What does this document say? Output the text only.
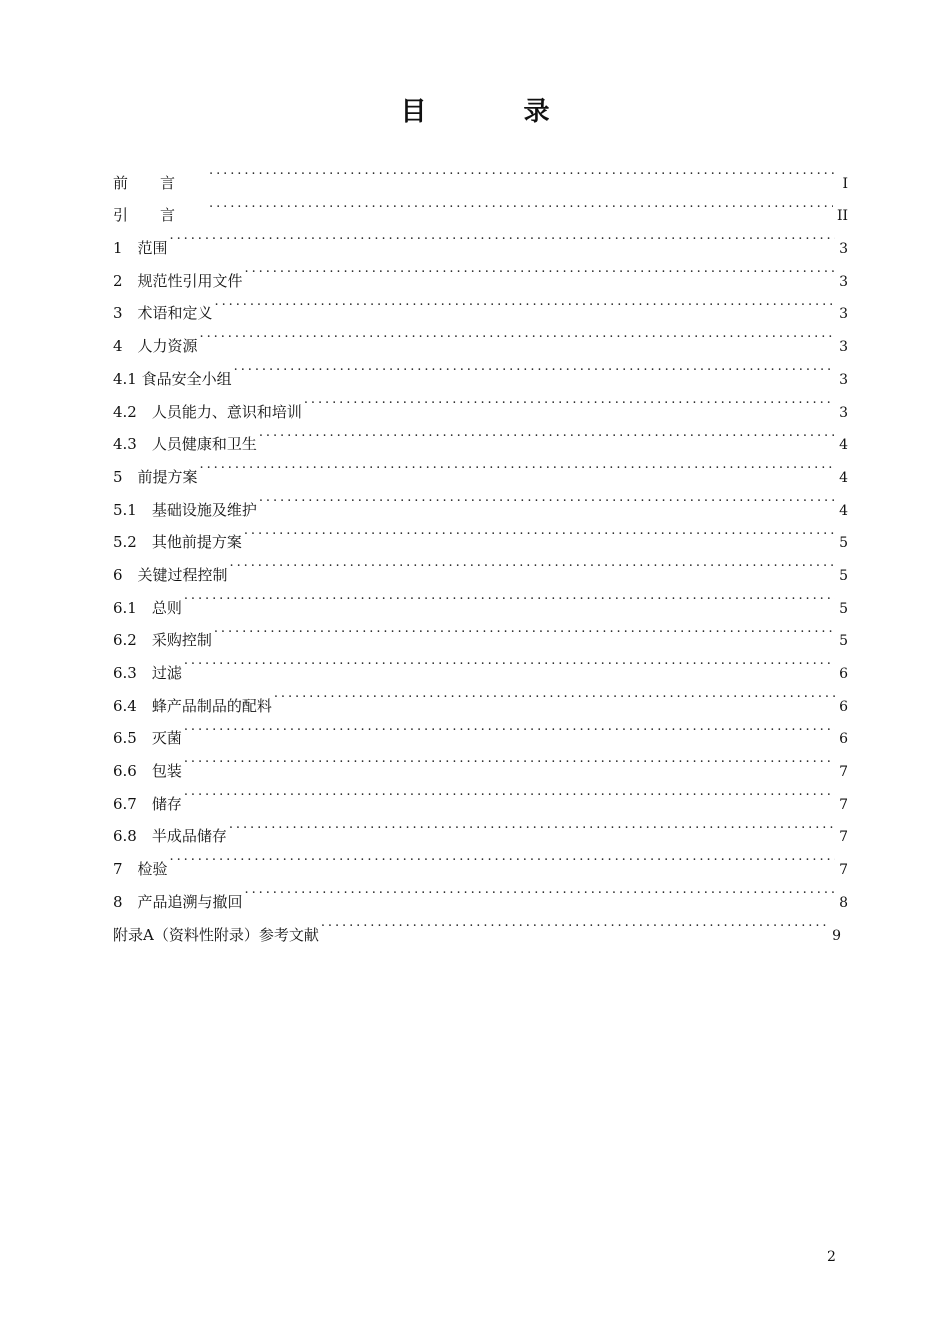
目 录
前言 . . .	I
引言 . . .	II
1　范围 . . .	3
2　规范性引用文件 . . .	3
3　术语和定义 . . .	3
4　人力资源 . . .	3
4.1 食品安全小组 . . .	3
4.2　人员能力、意识和培训 . . .	3
4.3　人员健康和卫生 . . .	4
5　前提方案 . . .	4
5.1　基础设施及维护 . . .	4
5.2　其他前提方案 . . .	5
6　关键过程控制 . . .	5
6.1　总则 . . .	5
6.2　采购控制 . . .	5
6.3　过滤 . . .	6
6.4　蜂产品制品的配料 . . .	6
6.5　灭菌 . . .	6
6.6　包装 . . .	7
6.7　储存 . . .	7
6.8　半成品储存 . . .	7
7　检验 . . .	7
8　产品追溯与撤回 . . .	8
附录A（资料性附录）参考文献 . . .	9
2
